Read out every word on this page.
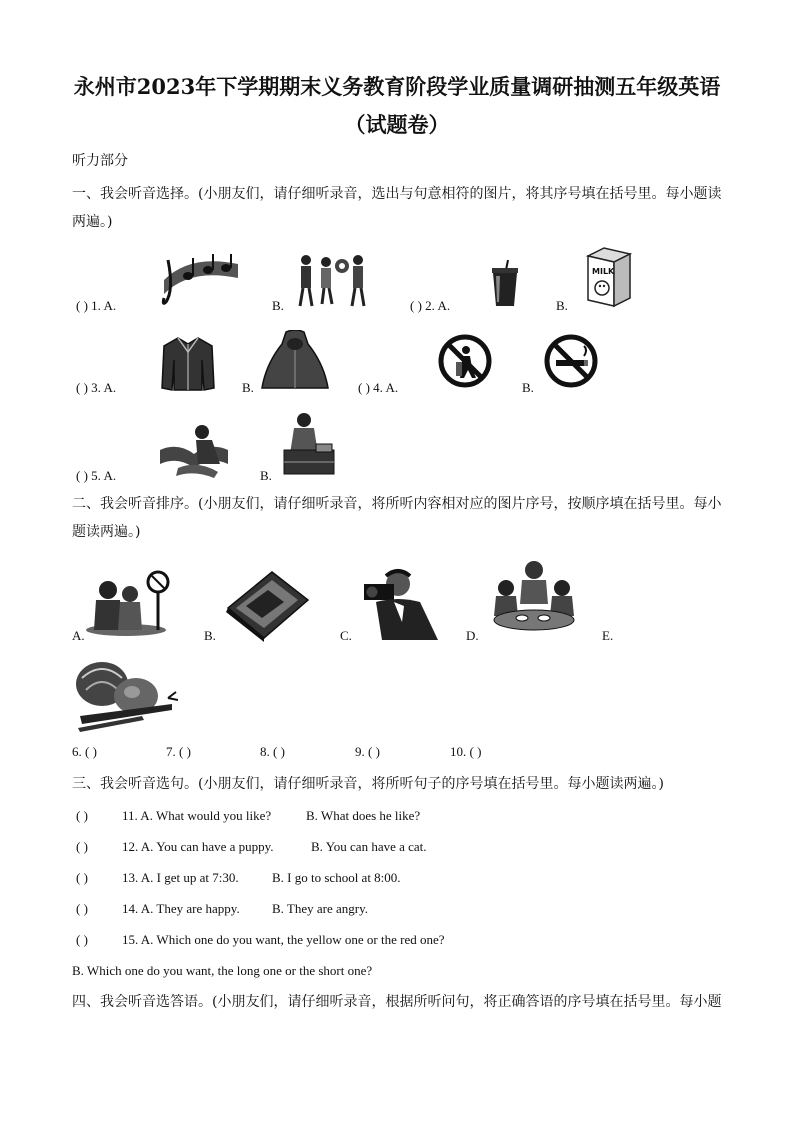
永州市2023年下学期期末义务教育阶段学业质量调研抽测五年级英语（试题卷）
听力部分
一、我会听音选择。(小朋友们，请仔细听录音，选出与句意相符的图片，将其序号填在括号里。每小题读两遍。)
( ) 1. A.	B.	( ) 2. A.	B.
MILK
( ) 3. A.	B.	( ) 4. A.	B.
( ) 5. A.	B.
二、我会听音排序。(小朋友们，请仔细听录音，将所听内容相对应的图片序号，按顺序填在括号里。每小题读两遍。)
A.	B.	C.	D.	E.
6. ( )	7. ( )	8. ( )	9. ( )	10. ( )
三、我会听音选句。(小朋友们，请仔细听录音，将所听句子的序号填在括号里。每小题读两遍。)
( )	11. A. What would you like?	B. What does he like?
( )	12. A. You can have a puppy.	B. You can have a cat.
( )	13. A. I get up at 7:30.	B. I go to school at 8:00.
( )	14. A. They are happy. B. They are angry.
( )	15. A. Which one do you want, the yellow one or the red one?
B. Which one do you want, the long one or the short one?
四、我会听音选答语。(小朋友们，请仔细听录音，根据所听问句，将正确答语的序号填在括号里。每小题
